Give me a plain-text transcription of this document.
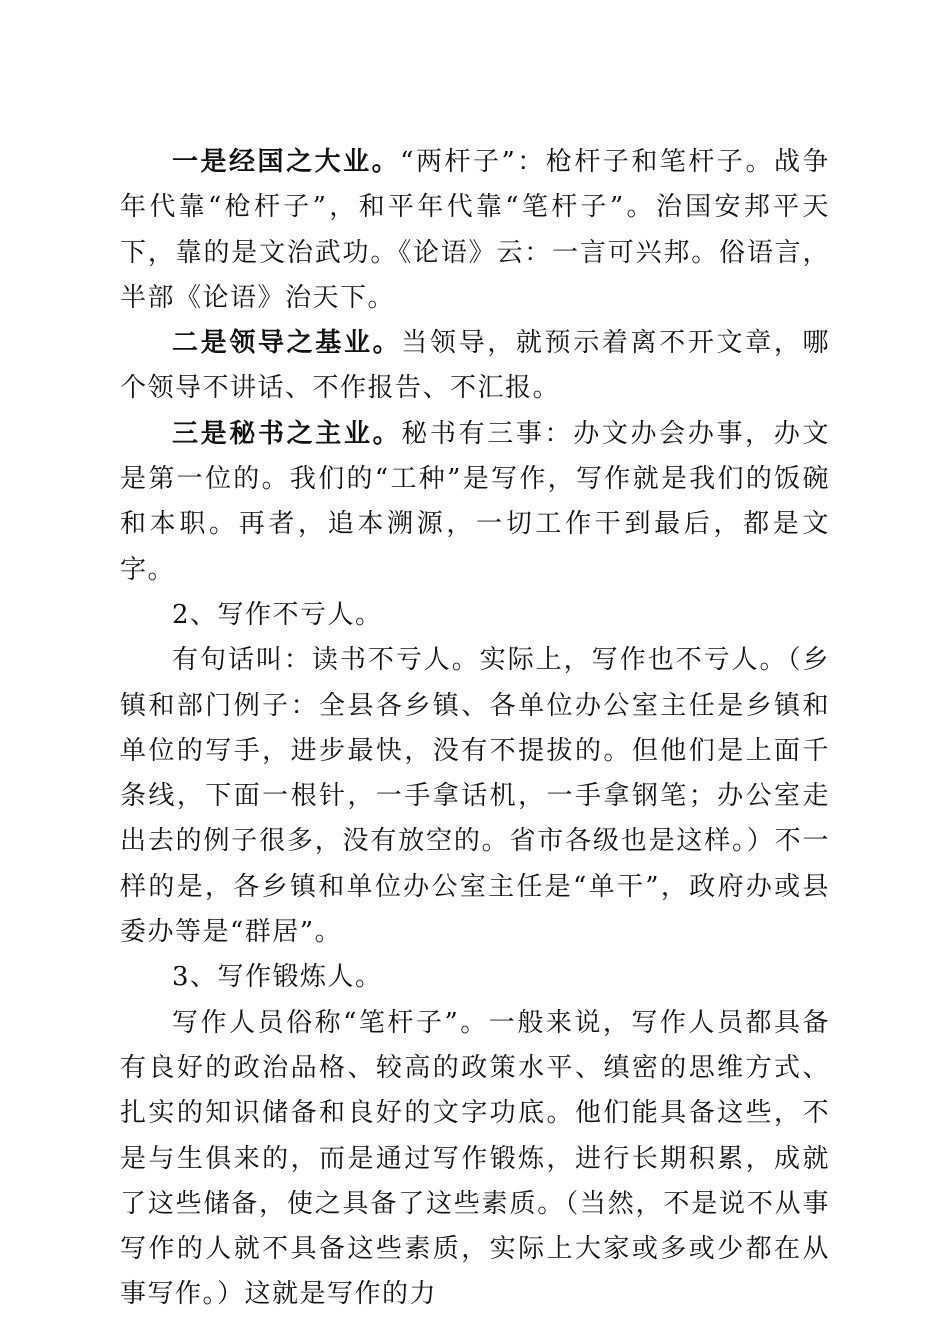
一是经国之大业。“两杆子”：枪杆子和笔杆子。战争年代靠“枪杆子”，和平年代靠“笔杆子”。治国安邦平天下，靠的是文治武功。《论语》云：一言可兴邦。俗语言，半部《论语》治天下。

二是领导之基业。当领导，就预示着离不开文章，哪个领导不讲话、不作报告、不汇报。

三是秘书之主业。秘书有三事：办文办会办事，办文是第一位的。我们的“工种”是写作，写作就是我们的饭碗和本职。再者，追本溯源，一切工作干到最后，都是文字。

2、写作不亏人。

有句话叫：读书不亏人。实际上，写作也不亏人。（乡镇和部门例子：全县各乡镇、各单位办公室主任是乡镇和单位的写手，进步最快，没有不提拔的。但他们是上面千条线，下面一根针，一手拿话机，一手拿钢笔；办公室走出去的例子很多，没有放空的。省市各级也是这样。）不一样的是，各乡镇和单位办公室主任是“单干”，政府办或县委办等是“群居”。

3、写作锻炼人。

写作人员俗称“笔杆子”。一般来说，写作人员都具备有良好的政治品格、较高的政策水平、缜密的思维方式、扎实的知识储备和良好的文字功底。他们能具备这些，不是与生俱来的，而是通过写作锻炼，进行长期积累，成就了这些储备，使之具备了这些素质。（当然，不是说不从事写作的人就不具备这些素质，实际上大家或多或少都在从事写作。）这就是写作的力
